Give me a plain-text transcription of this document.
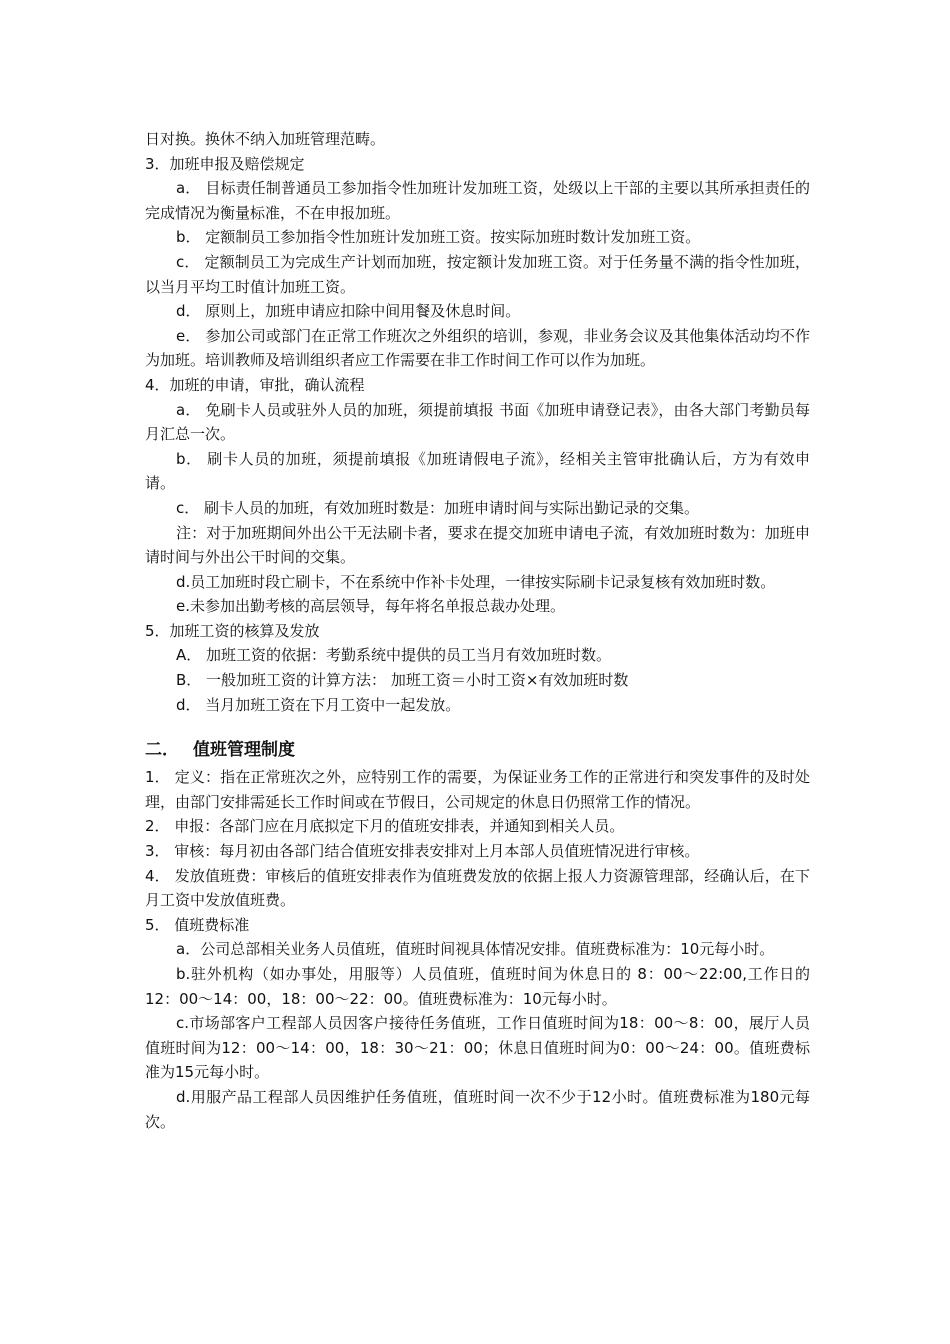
日对换。换休不纳入加班管理范畴。

3．加班申报及赔偿规定

a． 目标责任制普通员工参加指令性加班计发加班工资，处级以上干部的主要以其所承担责任的完成情况为衡量标准，不在申报加班。

b． 定额制员工参加指令性加班计发加班工资。按实际加班时数计发加班工资。

c． 定额制员工为完成生产计划而加班，按定额计发加班工资。对于任务量不满的指令性加班，以当月平均工时值计加班工资。

d． 原则上，加班申请应扣除中间用餐及休息时间。

e． 参加公司或部门在正常工作班次之外组织的培训，参观，非业务会议及其他集体活动均不作为加班。培训教师及培训组织者应工作需要在非工作时间工作可以作为加班。

4．加班的申请，审批，确认流程

a． 免刷卡人员或驻外人员的加班，须提前填报 书面《加班申请登记表》，由各大部门考勤员每月汇总一次。

b． 刷卡人员的加班，须提前填报《加班请假电子流》，经相关主管审批确认后，方为有效申请。

c． 刷卡人员的加班，有效加班时数是：加班申请时间与实际出勤记录的交集。

注：对于加班期间外出公干无法刷卡者，要求在提交加班申请电子流，有效加班时数为：加班申请时间与外出公干时间的交集。

d.员工加班时段亡刷卡，不在系统中作补卡处理，一律按实际刷卡记录复核有效加班时数。

e.未参加出勤考核的高层领导，每年将名单报总裁办处理。

5．加班工资的核算及发放

A． 加班工资的依据：考勤系统中提供的员工当月有效加班时数。

B． 一般加班工资的计算方法： 加班工资＝小时工资×有效加班时数

d． 当月加班工资在下月工资中一起发放。

二． 值班管理制度

1． 定义：指在正常班次之外，应特别工作的需要，为保证业务工作的正常进行和突发事件的及时处理，由部门安排需延长工作时间或在节假日，公司规定的休息日仍照常工作的情况。

2． 申报：各部门应在月底拟定下月的值班安排表，并通知到相关人员。

3． 审核：每月初由各部门结合值班安排表安排对上月本部人员值班情况进行审核。

4． 发放值班费：审核后的值班安排表作为值班费发放的依据上报人力资源管理部，经确认后，在下月工资中发放值班费。

5． 值班费标准

a．公司总部相关业务人员值班，值班时间视具体情况安排。值班费标准为：10元每小时。

b.驻外机构（如办事处，用服等）人员值班，值班时间为休息日的 8：00～22:00,工作日的12：00～14：00，18：00～22：00。值班费标准为：10元每小时。

c.市场部客户工程部人员因客户接待任务值班，工作日值班时间为18：00～8：00，展厅人员值班时间为12：00～14：00，18：30～21：00；休息日值班时间为0：00～24：00。值班费标准为15元每小时。

d.用服产品工程部人员因维护任务值班，值班时间一次不少于12小时。值班费标准为180元每次。
